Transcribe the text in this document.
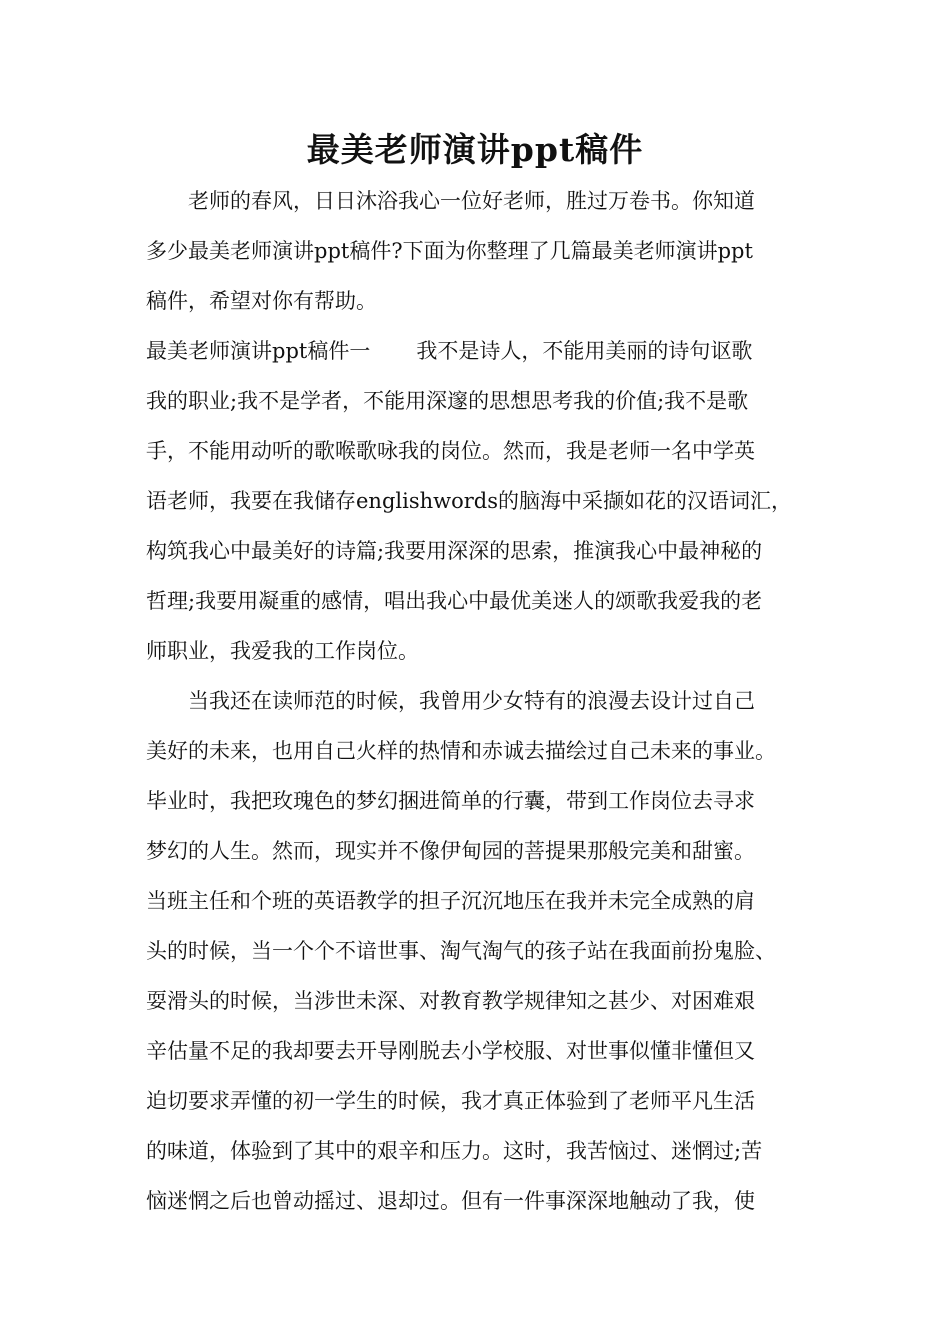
最美老师演讲ppt稿件
老师的春风，日日沐浴我心一位好老师，胜过万卷书。你知道
多少最美老师演讲ppt稿件?下面为你整理了几篇最美老师演讲ppt
稿件，希望对你有帮助。
最美老师演讲ppt稿件一 我不是诗人，不能用美丽的诗句讴歌
我的职业;我不是学者，不能用深邃的思想思考我的价值;我不是歌
手，不能用动听的歌喉歌咏我的岗位。然而，我是老师一名中学英
语老师，我要在我储存englishwords的脑海中采撷如花的汉语词汇，
构筑我心中最美好的诗篇;我要用深深的思索，推演我心中最神秘的
哲理;我要用凝重的感情，唱出我心中最优美迷人的颂歌我爱我的老
师职业，我爱我的工作岗位。
当我还在读师范的时候，我曾用少女特有的浪漫去设计过自己
美好的未来，也用自己火样的热情和赤诚去描绘过自己未来的事业。
毕业时，我把玫瑰色的梦幻捆进简单的行囊，带到工作岗位去寻求
梦幻的人生。然而，现实并不像伊甸园的菩提果那般完美和甜蜜。
当班主任和个班的英语教学的担子沉沉地压在我并未完全成熟的肩
头的时候，当一个个不谙世事、淘气淘气的孩子站在我面前扮鬼脸、
耍滑头的时候，当涉世未深、对教育教学规律知之甚少、对困难艰
辛估量不足的我却要去开导刚脱去小学校服、对世事似懂非懂但又
迫切要求弄懂的初一学生的时候，我才真正体验到了老师平凡生活
的味道，体验到了其中的艰辛和压力。这时，我苦恼过、迷惘过;苦
恼迷惘之后也曾动摇过、退却过。但有一件事深深地触动了我，使
